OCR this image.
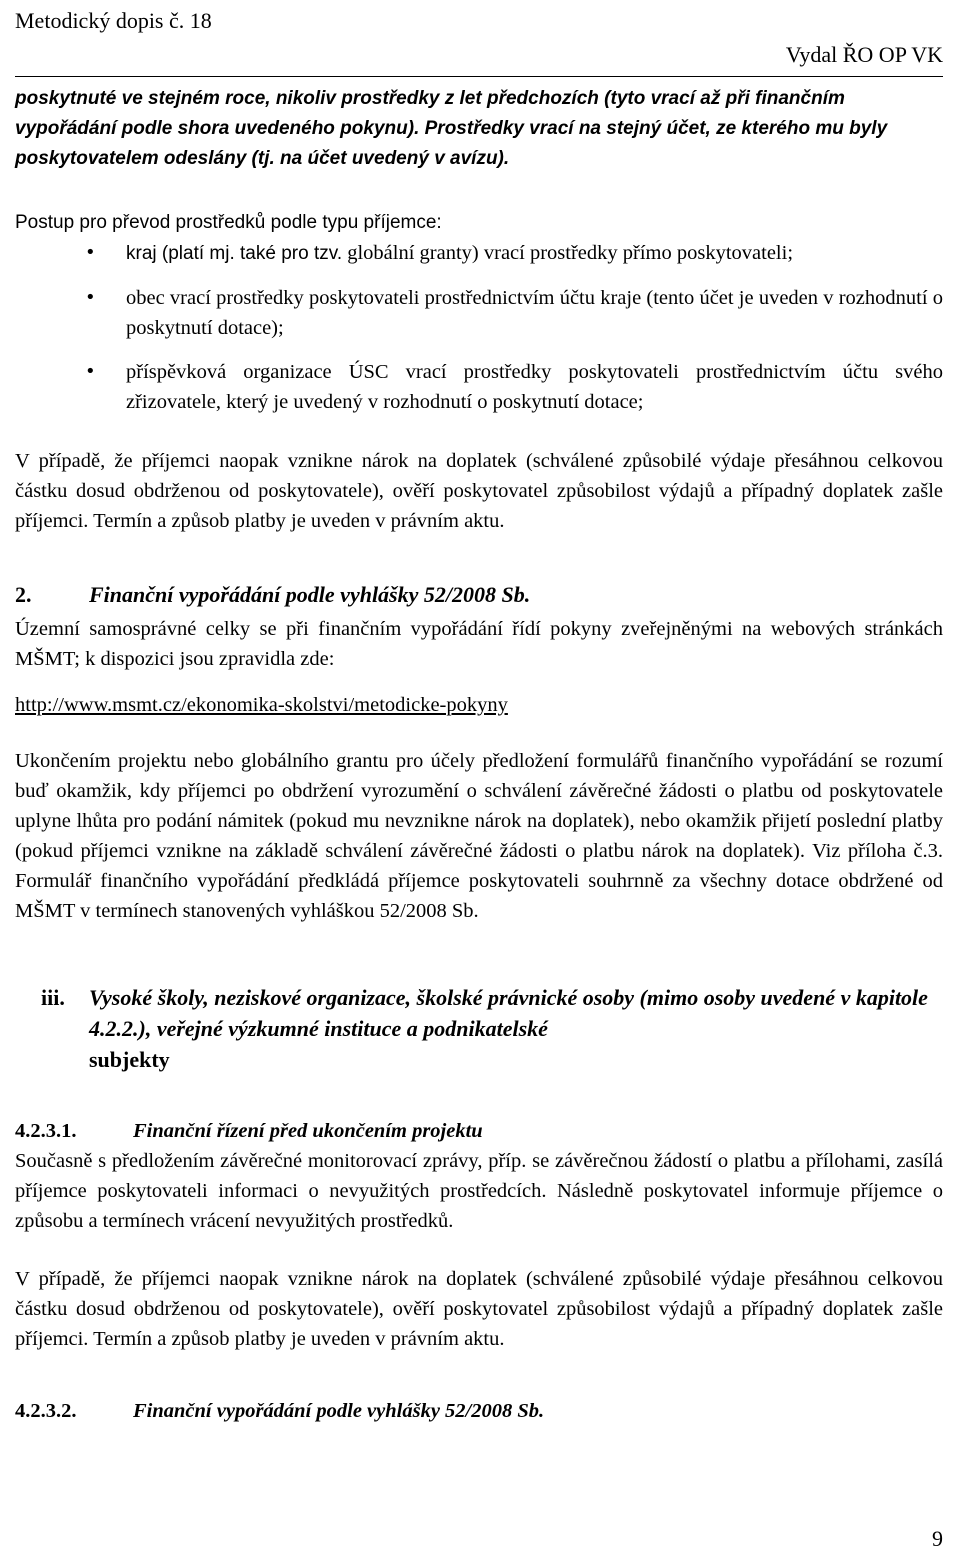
Metodický dopis č. 18
Vydal ŘO OP VK

poskytnuté ve stejném roce, nikoliv prostředky z let předchozích (tyto vrací až při finančním vypořádání podle shora uvedeného pokynu). Prostředky vrací na stejný účet, ze kterého mu byly poskytovatelem odeslány (tj. na účet uvedený v avízu).

Postup pro převod prostředků podle typu příjemce:

• kraj (platí mj. také pro tzv. globální granty) vrací prostředky přímo poskytovateli;
• obec vrací prostředky poskytovateli prostřednictvím účtu kraje (tento účet je uveden v rozhodnutí o poskytnutí dotace);
• příspěvková organizace ÚSC vrací prostředky poskytovateli prostřednictvím účtu svého zřizovatele, který je uvedený v rozhodnutí o poskytnutí dotace;

V případě, že příjemci naopak vznikne nárok na doplatek (schválené způsobilé výdaje přesáhnou celkovou částku dosud obdrženou od poskytovatele), ověří poskytovatel způsobilost výdajů a případný doplatek zašle příjemci. Termín a způsob platby je uveden v právním aktu.

2.	Finanční vypořádání podle vyhlášky 52/2008 Sb.

Územní samosprávné celky se při finančním vypořádání řídí pokyny zveřejněnými na webových stránkách MŠMT; k dispozici jsou zpravidla zde:

http://www.msmt.cz/ekonomika-skolstvi/metodicke-pokyny

Ukončením projektu nebo globálního grantu pro účely předložení formulářů finančního vypořádání se rozumí buď okamžik, kdy příjemci po obdržení vyrozumění o schválení závěrečné žádosti o platbu od poskytovatele uplyne lhůta pro podání námitek (pokud mu nevznikne nárok na doplatek), nebo okamžik přijetí poslední platby (pokud příjemci vznikne na základě schválení závěrečné žádosti o platbu nárok na doplatek). Viz příloha č.3. Formulář finančního vypořádání předkládá příjemce poskytovateli souhrnně za všechny dotace obdržené od MŠMT v termínech stanovených vyhláškou 52/2008 Sb.

iii. Vysoké školy, neziskové organizace, školské právnické osoby (mimo osoby uvedené v kapitole 4.2.2.), veřejné výzkumné instituce a podnikatelské
subjekty
4.2.3.1.	Finanční řízení před ukončením projektu

Současně s předložením závěrečné monitorovací zprávy, příp. se závěrečnou žádostí o platbu a přílohami, zasílá příjemce poskytovateli informaci o nevyužitých prostředcích. Následně poskytovatel informuje příjemce o způsobu a termínech vrácení nevyužitých prostředků.

V případě, že příjemci naopak vznikne nárok na doplatek (schválené způsobilé výdaje přesáhnou celkovou částku dosud obdrženou od poskytovatele), ověří poskytovatel způsobilost výdajů a případný doplatek zašle příjemci. Termín a způsob platby je uveden v právním aktu.

4.2.3.2.	Finanční vypořádání podle vyhlášky 52/2008 Sb.
9
